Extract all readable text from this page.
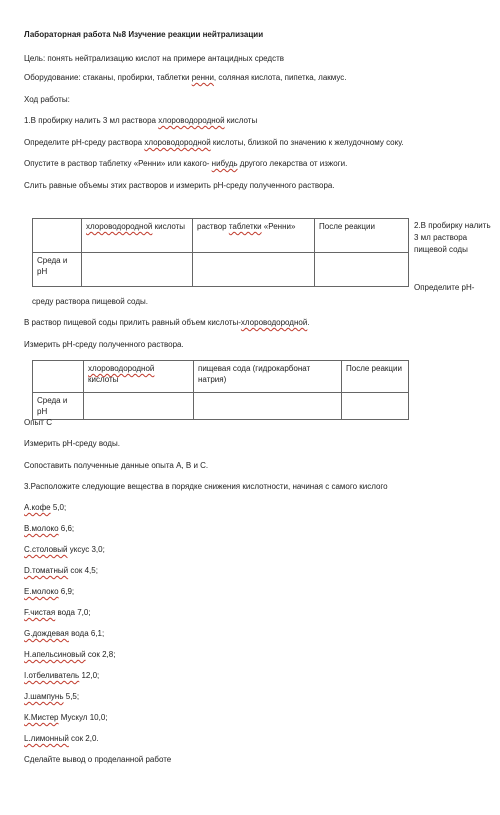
Лабораторная работа №8 Изучение реакции нейтрализации
Цель: понять нейтрализацию кислот на примере антацидных средств
Оборудование: стаканы, пробирки, таблетки ренни, соляная кислота, пипетка, лакмус.
Ход работы:
1.В пробирку налить 3 мл раствора хлороводородной кислоты
Определите pH-среду раствора хлороводородной кислоты, близкой по значению к желудочному соку.
Опустите в раствор таблетку «Ренни» или какого- нибудь другого лекарства от изжоги.
Слить равные объемы этих растворов и измерить pH-среду полученного раствора.
	хлороводородной кислоты	раствор таблетки «Ренни»	После реакции
Среда и pH			
2.В пробирку налить 3 мл раствора пищевой соды
Определите pH-
среду раствора пищевой соды.
В раствор пищевой соды прилить равный объем кислоты-хлороводородной.
Измерить pH-среду полученного раствора.
	хлороводородной
кислоты	пищевая сода (гидрокарбонат натрия)	После реакции
Среда и pH			
Опыт С
Измерить pH-среду воды.
Сопоставить полученные данные опыта А, В и С.
3.Расположите следующие вещества в порядке снижения кислотности, начиная с самого кислого
А.кофе 5,0;
В.молоко 6,6;
С.столовый уксус 3,0;
D.томатный сок 4,5;
Е.молоко 6,9;
F.чистая вода 7,0;
G.дождевая вода 6,1;
H.апельсиновый сок 2,8;
I.отбеливатель 12,0;
J.шампунь 5,5;
К.Мистер Мускул 10,0;
L.лимонный сок 2,0.
Сделайте вывод о проделанной работе
